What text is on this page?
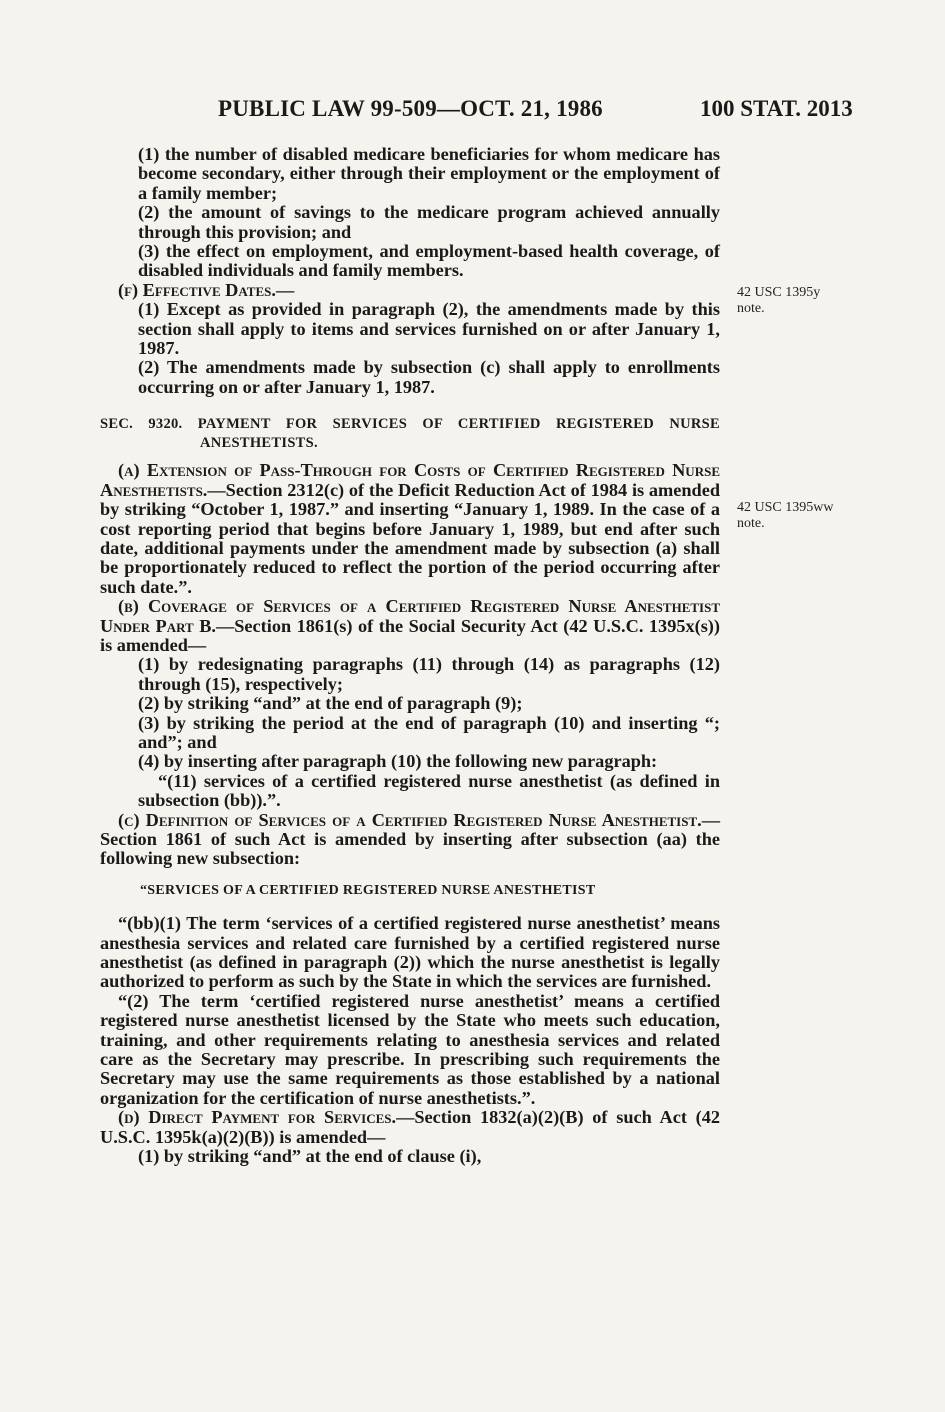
PUBLIC LAW 99-509—OCT. 21, 1986	100 STAT. 2013
42 USC 1395y
note.
42 USC 1395ww
note.

(1) the number of disabled medicare beneficiaries for whom medicare has become secondary, either through their employment or the employment of a family member;

(2) the amount of savings to the medicare program achieved annually through this provision; and

(3) the effect on employment, and employment-based health coverage, of disabled individuals and family members.

(f) Effective Dates.—

(1) Except as provided in paragraph (2), the amendments made by this section shall apply to items and services furnished on or after January 1, 1987.

(2) The amendments made by subsection (c) shall apply to enrollments occurring on or after January 1, 1987.

SEC. 9320. PAYMENT FOR SERVICES OF CERTIFIED REGISTERED NURSE ANESTHETISTS.

(a) Extension of Pass-Through for Costs of Certified Registered Nurse Anesthetists.—Section 2312(c) of the Deficit Reduction Act of 1984 is amended by striking “October 1, 1987.” and inserting “January 1, 1989. In the case of a cost reporting period that begins before January 1, 1989, but end after such date, additional payments under the amendment made by subsection (a) shall be proportionately reduced to reflect the portion of the period occurring after such date.”.

(b) Coverage of Services of a Certified Registered Nurse Anesthetist Under Part B.—Section 1861(s) of the Social Security Act (42 U.S.C. 1395x(s)) is amended—

(1) by redesignating paragraphs (11) through (14) as paragraphs (12) through (15), respectively;

(2) by striking “and” at the end of paragraph (9);

(3) by striking the period at the end of paragraph (10) and inserting “; and”; and

(4) by inserting after paragraph (10) the following new paragraph:

“(11) services of a certified registered nurse anesthetist (as defined in subsection (bb)).”.

(c) Definition of Services of a Certified Registered Nurse Anesthetist.—Section 1861 of such Act is amended by inserting after subsection (aa) the following new subsection:

“SERVICES OF A CERTIFIED REGISTERED NURSE ANESTHETIST

“(bb)(1) The term ‘services of a certified registered nurse anesthetist’ means anesthesia services and related care furnished by a certified registered nurse anesthetist (as defined in paragraph (2)) which the nurse anesthetist is legally authorized to perform as such by the State in which the services are furnished.

“(2) The term ‘certified registered nurse anesthetist’ means a certified registered nurse anesthetist licensed by the State who meets such education, training, and other requirements relating to anesthesia services and related care as the Secretary may prescribe. In prescribing such requirements the Secretary may use the same requirements as those established by a national organization for the certification of nurse anesthetists.”.

(d) Direct Payment for Services.—Section 1832(a)(2)(B) of such Act (42 U.S.C. 1395k(a)(2)(B)) is amended—

(1) by striking “and” at the end of clause (i),
